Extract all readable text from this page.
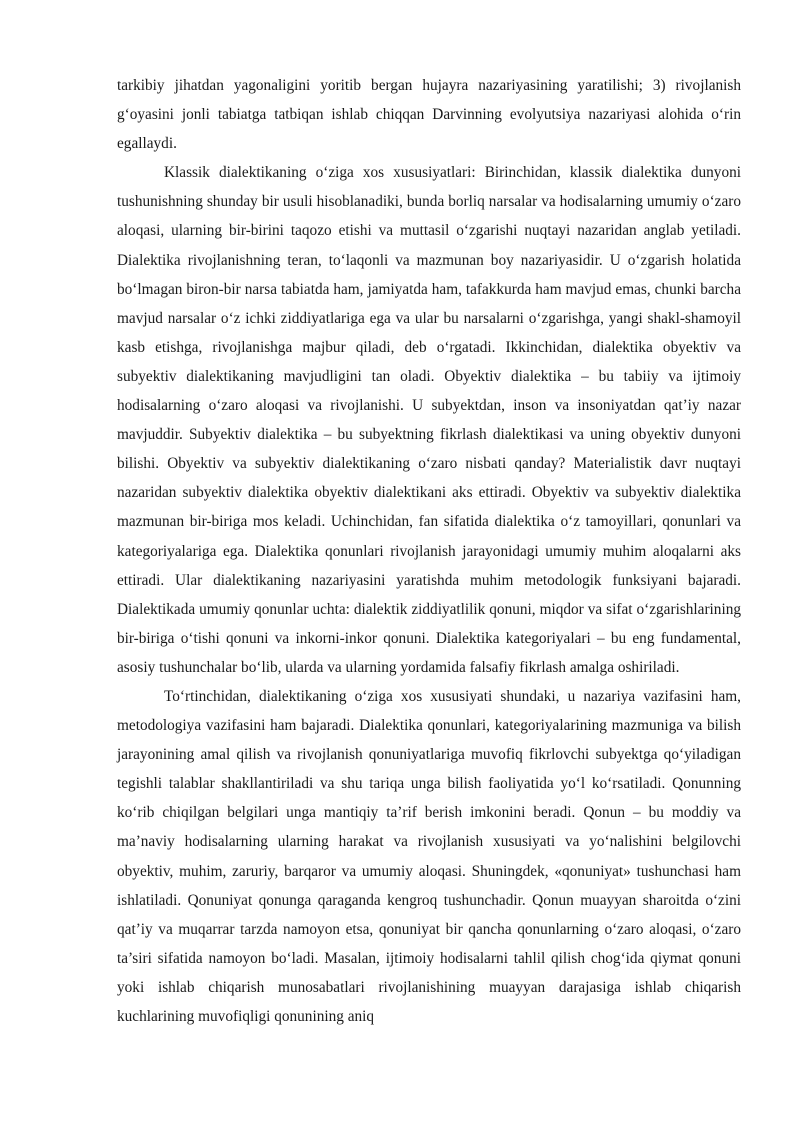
tarkibiy jihatdan yagonaligini yoritib bergan hujayra nazariyasining yaratilishi; 3) rivojlanish g‘oyasini jonli tabiatga tatbiqan ishlab chiqqan Darvinning evolyutsiya nazariyasi alohida o‘rin egallaydi.

Klassik dialektikaning o‘ziga xos xususiyatlari: Birinchidan, klassik dialektika dunyoni tushunishning shunday bir usuli hisoblanadiki, bunda borliq narsalar va hodisalarning umumiy o‘zaro aloqasi, ularning bir-birini taqozo etishi va muttasil o‘zgarishi nuqtayi nazaridan anglab yetiladi. Dialektika rivojlanishning teran, to‘laqonli va mazmunan boy nazariyasidir. U o‘zgarish holatida bo‘lmagan biron-bir narsa tabiatda ham, jamiyatda ham, tafakkurda ham mavjud emas, chunki barcha mavjud narsalar o‘z ichki ziddiyatlariga ega va ular bu narsalarni o‘zgarishga, yangi shakl-shamoyil kasb etishga, rivojlanishga majbur qiladi, deb o‘rgatadi. Ikkinchidan, dialektika obyektiv va subyektiv dialektikaning mavjudligini tan oladi. Obyektiv dialektika – bu tabiiy va ijtimoiy hodisalarning o‘zaro aloqasi va rivojlanishi. U subyektdan, inson va insoniyatdan qat’iy nazar mavjuddir. Subyektiv dialektika – bu subyektning fikrlash dialektikasi va uning obyektiv dunyoni bilishi. Obyektiv va subyektiv dialektikaning o‘zaro nisbati qanday? Materialistik davr nuqtayi nazaridan subyektiv dialektika obyektiv dialektikani aks ettiradi. Obyektiv va subyektiv dialektika mazmunan bir-biriga mos keladi. Uchinchidan, fan sifatida dialektika o‘z tamoyillari, qonunlari va kategoriyalariga ega. Dialektika qonunlari rivojlanish jarayonidagi umumiy muhim aloqalarni aks ettiradi. Ular dialektikaning nazariyasini yaratishda muhim metodologik funksiyani bajaradi. Dialektikada umumiy qonunlar uchta: dialektik ziddiyatlilik qonuni, miqdor va sifat o‘zgarishlarining bir-biriga o‘tishi qonuni va inkorni-inkor qonuni. Dialektika kategoriyalari – bu eng fundamental, asosiy tushunchalar bo‘lib, ularda va ularning yordamida falsafiy fikrlash amalga oshiriladi.

To‘rtinchidan, dialektikaning o‘ziga xos xususiyati shundaki, u nazariya vazifasini ham, metodologiya vazifasini ham bajaradi. Dialektika qonunlari, kategoriyalarining mazmuniga va bilish jarayonining amal qilish va rivojlanish qonuniyatlariga muvofiq fikrlovchi subyektga qo‘yiladigan tegishli talablar shakllantiriladi va shu tariqa unga bilish faoliyatida yo‘l ko‘rsatiladi. Qonunning ko‘rib chiqilgan belgilari unga mantiqiy ta’rif berish imkonini beradi. Qonun – bu moddiy va ma’naviy hodisalarning ularning harakat va rivojlanish xususiyati va yo‘nalishini belgilovchi obyektiv, muhim, zaruriy, barqaror va umumiy aloqasi. Shuningdek, «qonuniyat» tushunchasi ham ishlatiladi. Qonuniyat qonunga qaraganda kengroq tushunchadir. Qonun muayyan sharoitda o‘zini qat’iy va muqarrar tarzda namoyon etsa, qonuniyat bir qancha qonunlarning o‘zaro aloqasi, o‘zaro ta’siri sifatida namoyon bo‘ladi. Masalan, ijtimoiy hodisalarni tahlil qilish chog‘ida qiymat qonuni yoki ishlab chiqarish munosabatlari rivojlanishining muayyan darajasiga ishlab chiqarish kuchlarining muvofiqligi qonunining aniq
